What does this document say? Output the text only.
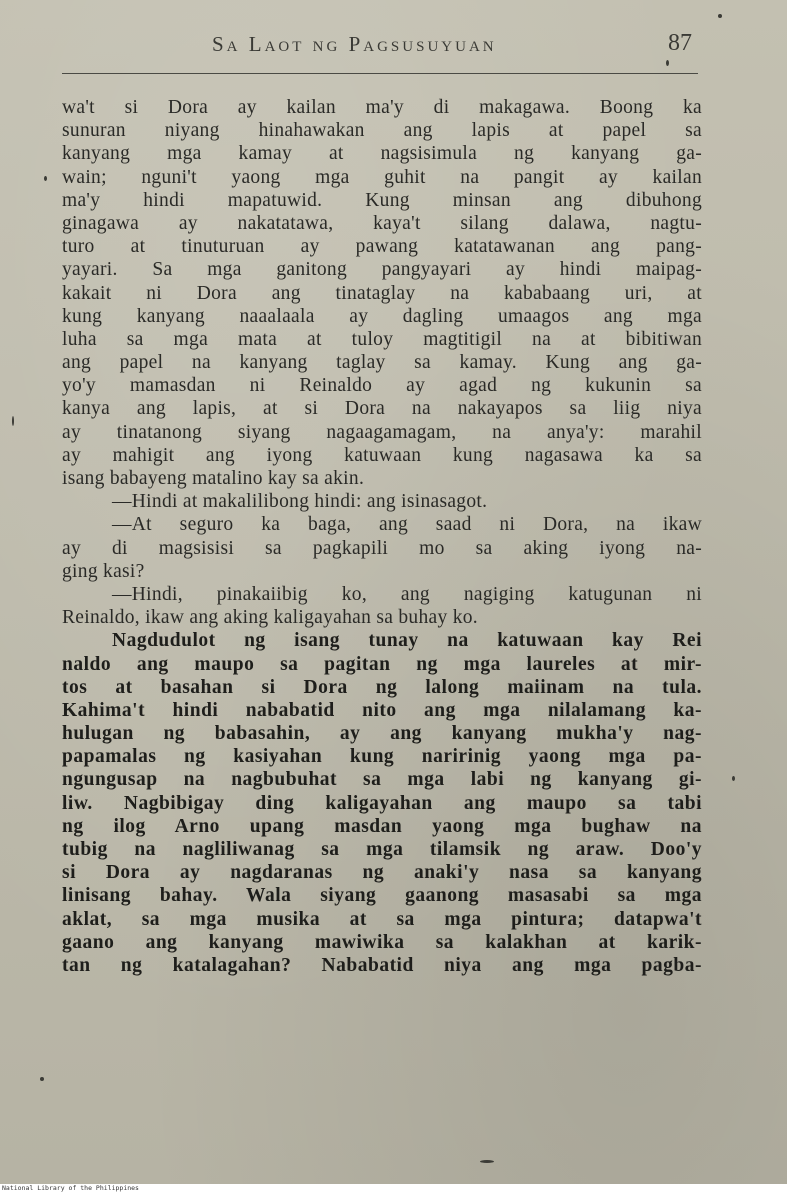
Sa Laot ng Pagsusuyuan	87
wa't si Dora ay kailan ma'y di makagawa. Boong ka
sunuran niyang hinahawakan ang lapis at papel sa
kanyang mga kamay at nagsisimula ng kanyang ga-
wain; nguni't yaong mga guhit na pangit ay kailan
ma'y hindi mapatuwid. Kung minsan ang dibuhong
ginagawa ay nakatatawa, kaya't silang dalawa, nagtu-
turo at tinuturuan ay pawang katatawanan ang pang-
yayari. Sa mga ganitong pangyayari ay hindi maipag-
kakait ni Dora ang tinataglay na kababaang uri, at
kung kanyang naaalaala ay dagling umaagos ang mga
luha sa mga mata at tuloy magtitigil na at bibitiwan
ang papel na kanyang taglay sa kamay. Kung ang ga-
yo'y mamasdan ni Reinaldo ay agad ng kukunin sa
kanya ang lapis, at si Dora na nakayapos sa liig niya
ay tinatanong siyang nagaagamagam, na anya'y: marahil
ay mahigit ang iyong katuwaan kung nagasawa ka sa
isang babayeng matalino kay sa akin.
—Hindi at makalilibong hindi: ang isinasagot.
—At seguro ka baga, ang saad ni Dora, na ikaw
ay di magsisisi sa pagkapili mo sa aking iyong na-
ging kasi?
—Hindi, pinakaiibig ko, ang nagiging katugunan ni
Reinaldo, ikaw ang aking kaligayahan sa buhay ko.
Nagdudulot ng isang tunay na katuwaan kay Rei
naldo ang maupo sa pagitan ng mga laureles at mir-
tos at basahan si Dora ng lalong maiinam na tula.
Kahima't hindi nababatid nito ang mga nilalamang ka-
hulugan ng babasahin, ay ang kanyang mukha'y nag-
papamalas ng kasiyahan kung naririnig yaong mga pa-
ngungusap na nagbubuhat sa mga labi ng kanyang gi-
liw. Nagbibigay ding kaligayahan ang maupo sa tabi
ng ilog Arno upang masdan yaong mga bughaw na
tubig na nagliliwanag sa mga tilamsik ng araw. Doo'y
si Dora ay nagdaranas ng anaki'y nasa sa kanyang
linisang bahay. Wala siyang gaanong masasabi sa mga
aklat, sa mga musika at sa mga pintura; datapwa't
gaano ang kanyang mawiwika sa kalakhan at karik-
tan ng katalagahan? Nababatid niya ang mga pagba-
National Library of the Philippines
